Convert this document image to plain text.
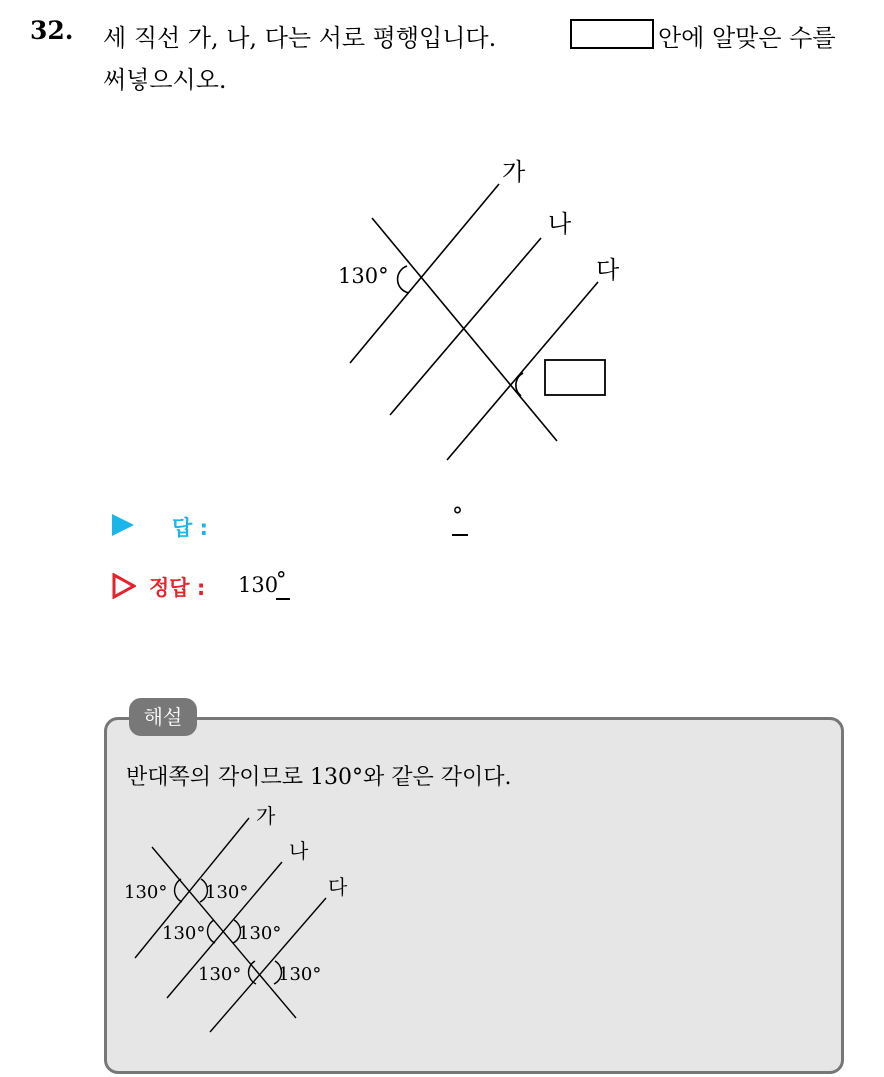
32. 세 직선 가, 나, 다는 서로 평행입니다.	안에 알맞은 수를
써넣으시오.
가
나
다
130°
답 :	°
정답 : 130
°
해설
반대쪽의 각이므로 130°와 같은 각이다.
가
나
다
130° 130°
130° 130°
130° 130°
